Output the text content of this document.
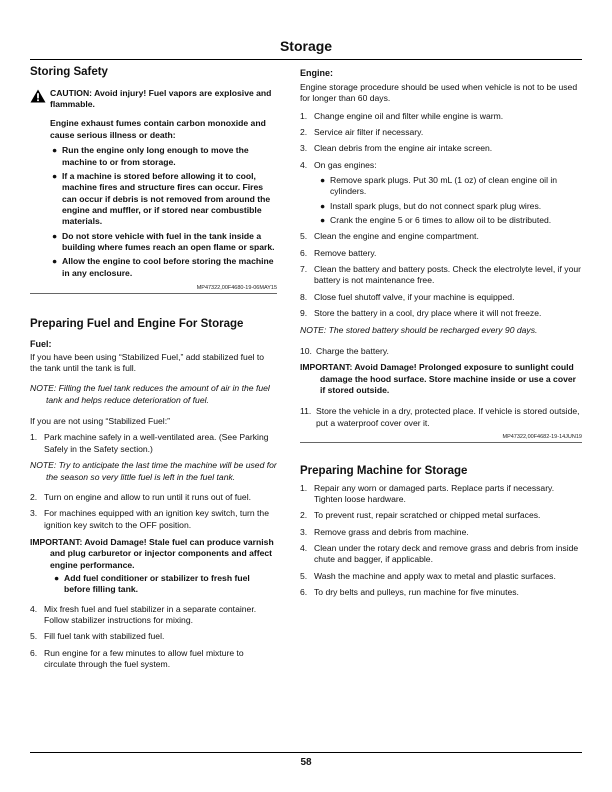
Storage
Storing Safety

CAUTION: Avoid injury! Fuel vapors are explosive and flammable.

Engine exhaust fumes contain carbon monoxide and cause serious illness or death:

● Run the engine only long enough to move the machine to or from storage.
● If a machine is stored before allowing it to cool, machine fires and structure fires can occur. Fires can occur if debris is not removed from around the engine and muffler, or if stored near combustible materials.
● Do not store vehicle with fuel in the tank inside a building where fumes reach an open flame or spark.
● Allow the engine to cool before storing the machine in any enclosure.
MP47322,00F4680-19-06MAY15
Preparing Fuel and Engine For Storage
Fuel:

If you have been using “Stabilized Fuel,” add stabilized fuel to the tank until the tank is full.

NOTE: Filling the fuel tank reduces the amount of air in the fuel tank and helps reduce deterioration of fuel.

If you are not using “Stabilized Fuel:”

1. Park machine safely in a well-ventilated area. (See Parking Safely in the Safety section.)

NOTE: Try to anticipate the last time the machine will be used for the season so very little fuel is left in the fuel tank.

2. Turn on engine and allow to run until it runs out of fuel.
3. For machines equipped with an ignition key switch, turn the ignition key switch to the OFF position.

IMPORTANT: Avoid Damage! Stale fuel can produce varnish and plug carburetor or injector components and affect engine performance.

● Add fuel conditioner or stabilizer to fresh fuel before filling tank.
4. Mix fresh fuel and fuel stabilizer in a separate container. Follow stabilizer instructions for mixing.
5. Fill fuel tank with stabilized fuel.
6. Run engine for a few minutes to allow fuel mixture to circulate through the fuel system.
Engine:

Engine storage procedure should be used when vehicle is not to be used for longer than 60 days.

1. Change engine oil and filter while engine is warm.
2. Service air filter if necessary.
3. Clean debris from the engine air intake screen.
4. On gas engines:
● Remove spark plugs. Put 30 mL (1 oz) of clean engine oil in cylinders.
● Install spark plugs, but do not connect spark plug wires.
● Crank the engine 5 or 6 times to allow oil to be distributed.
5. Clean the engine and engine compartment.
6. Remove battery.
7. Clean the battery and battery posts. Check the electrolyte level, if your battery is not maintenance free.
8. Close fuel shutoff valve, if your machine is equipped.
9. Store the battery in a cool, dry place where it will not freeze.

NOTE: The stored battery should be recharged every 90 days.

10. Charge the battery.

IMPORTANT: Avoid Damage! Prolonged exposure to sunlight could damage the hood surface. Store machine inside or use a cover if stored outside.

11. Store the vehicle in a dry, protected place. If vehicle is stored outside, put a waterproof cover over it.
MP47322,00F4682-19-14JUN19
Preparing Machine for Storage
1. Repair any worn or damaged parts. Replace parts if necessary. Tighten loose hardware.
2. To prevent rust, repair scratched or chipped metal surfaces.
3. Remove grass and debris from machine.
4. Clean under the rotary deck and remove grass and debris from inside chute and bagger, if applicable.
5. Wash the machine and apply wax to metal and plastic surfaces.
6. To dry belts and pulleys, run machine for five minutes.
58
